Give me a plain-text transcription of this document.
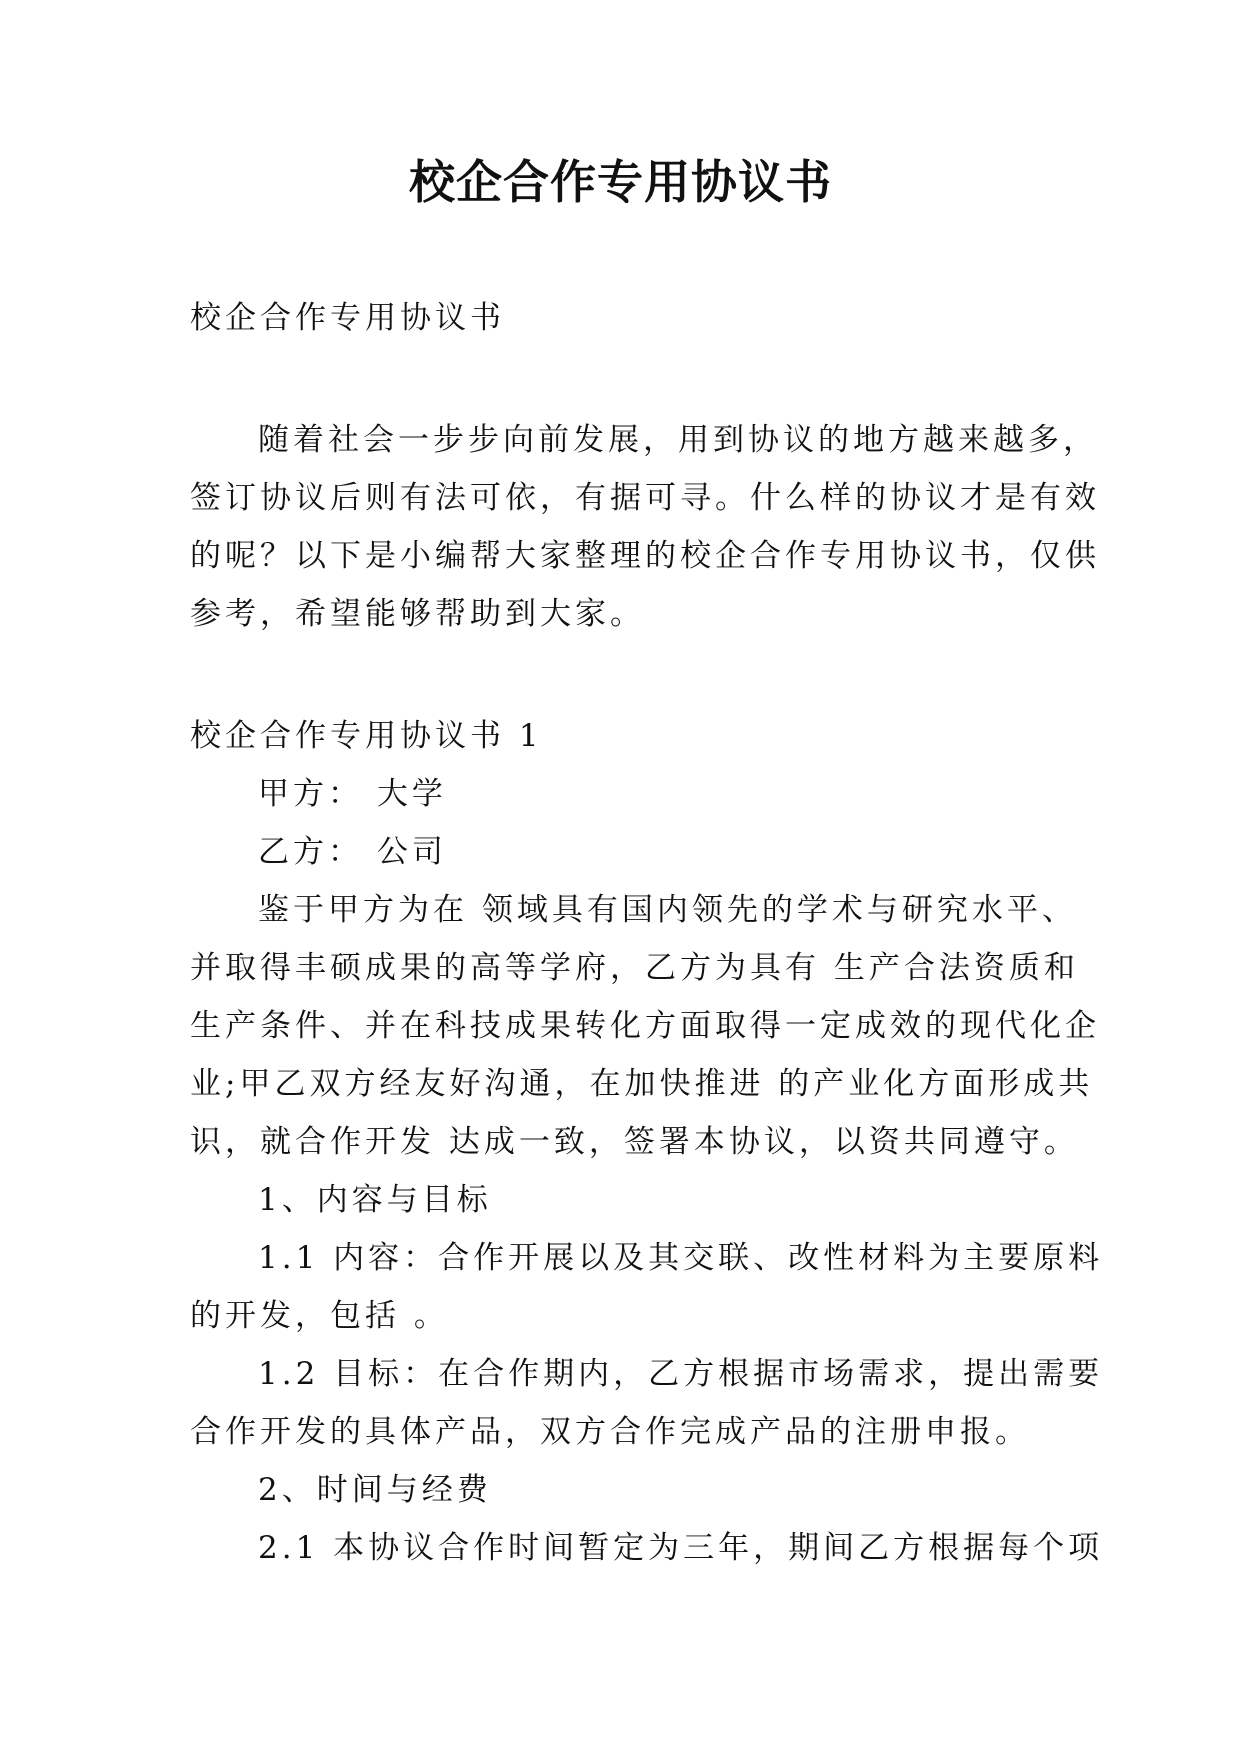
校企合作专用协议书

校企合作专用协议书

随着社会一步步向前发展，用到协议的地方越来越多，

签订协议后则有法可依，有据可寻。什么样的协议才是有效

的呢？以下是小编帮大家整理的校企合作专用协议书，仅供

参考，希望能够帮助到大家。

校企合作专用协议书 1

甲方： 大学

乙方： 公司

鉴于甲方为在 领域具有国内领先的学术与研究水平、

并取得丰硕成果的高等学府，乙方为具有 生产合法资质和

生产条件、并在科技成果转化方面取得一定成效的现代化企

业;甲乙双方经友好沟通，在加快推进 的产业化方面形成共

识，就合作开发 达成一致，签署本协议，以资共同遵守。

1、内容与目标

1.1 内容：合作开展以及其交联、改性材料为主要原料

的开发，包括 。

1.2 目标：在合作期内，乙方根据市场需求，提出需要

合作开发的具体产品，双方合作完成产品的注册申报。

2、时间与经费

2.1 本协议合作时间暂定为三年，期间乙方根据每个项
